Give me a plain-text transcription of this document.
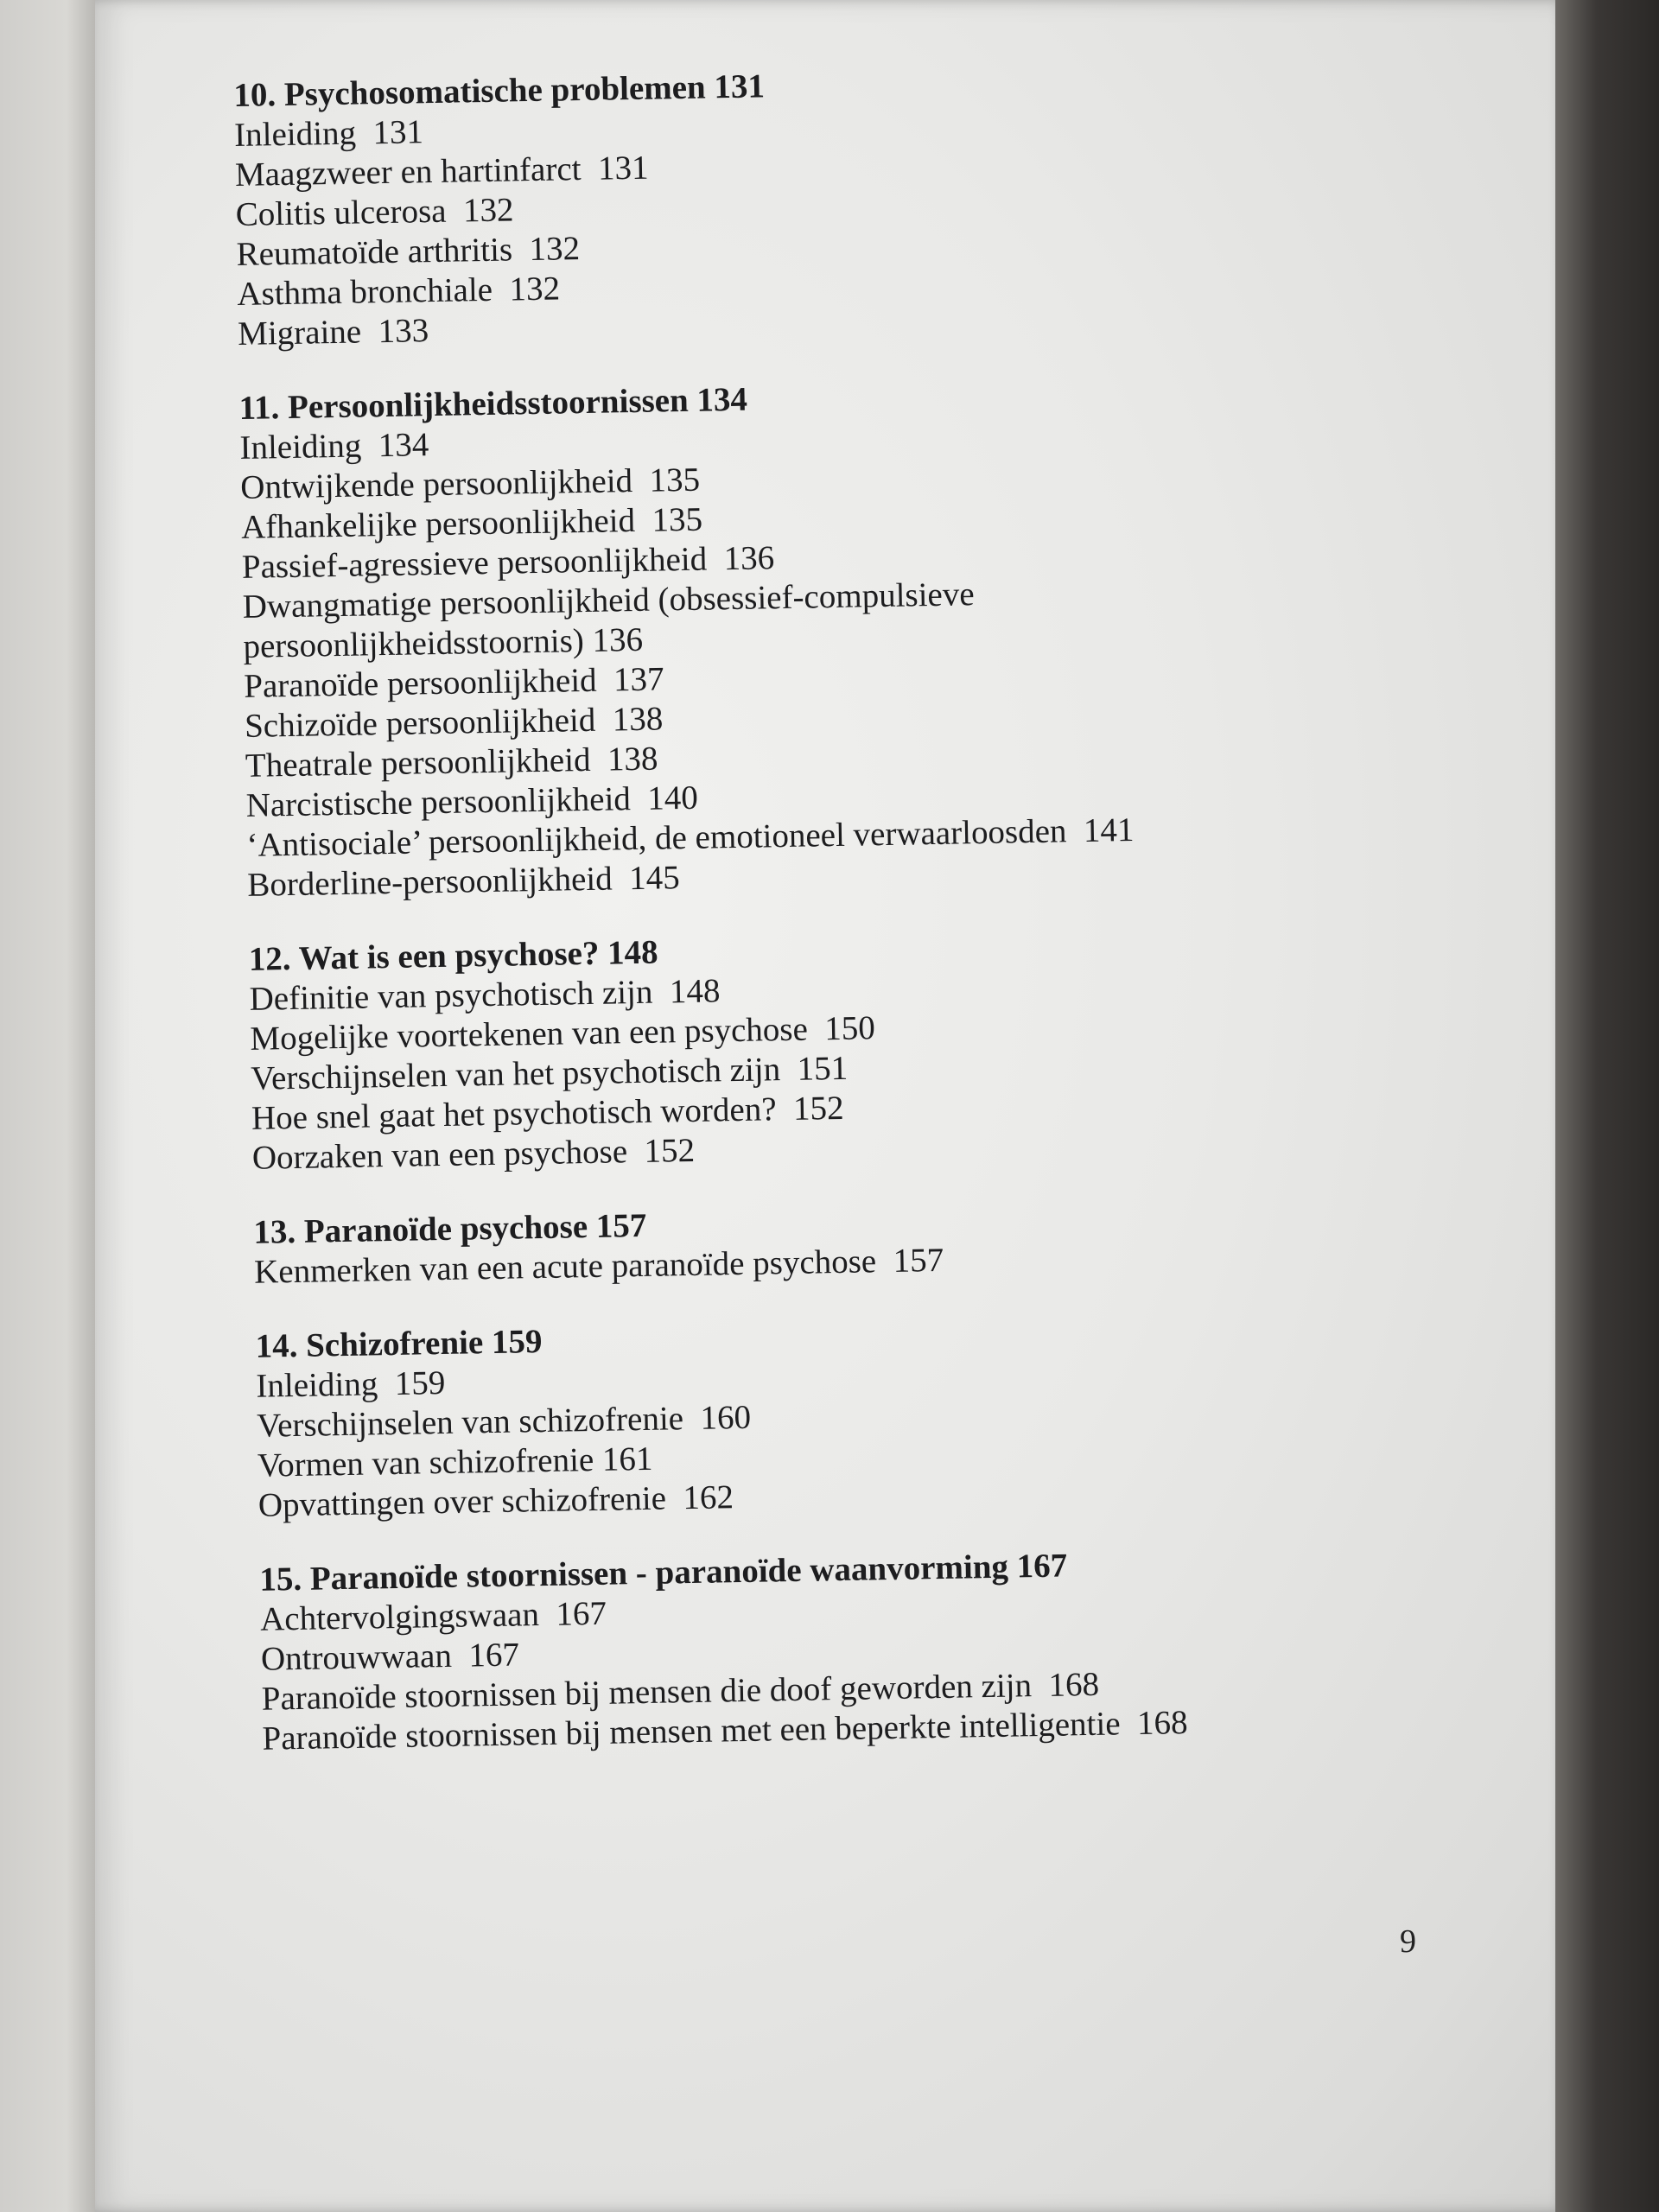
10. Psychosomatische problemen 131
Inleiding  131
Maagzweer en hartinfarct  131
Colitis ulcerosa  132
Reumatoïde arthritis  132
Asthma bronchiale  132
Migraine  133
11. Persoonlijkheidsstoornissen 134
Inleiding  134
Ontwijkende persoonlijkheid  135
Afhankelijke persoonlijkheid  135
Passief-agressieve persoonlijkheid  136
Dwangmatige persoonlijkheid (obsessief-compulsieve persoonlijkheidsstoornis) 136
Paranoïde persoonlijkheid  137
Schizoïde persoonlijkheid  138
Theatrale persoonlijkheid  138
Narcistische persoonlijkheid  140
‘Antisociale’ persoonlijkheid, de emotioneel verwaarloosden  141
Borderline-persoonlijkheid  145
12. Wat is een psychose? 148
Definitie van psychotisch zijn  148
Mogelijke voortekenen van een psychose  150
Verschijnselen van het psychotisch zijn  151
Hoe snel gaat het psychotisch worden?  152
Oorzaken van een psychose  152
13. Paranoïde psychose 157
Kenmerken van een acute paranoïde psychose  157
14. Schizofrenie 159
Inleiding  159
Verschijnselen van schizofrenie  160
Vormen van schizofrenie 161
Opvattingen over schizofrenie  162
15. Paranoïde stoornissen - paranoïde waanvorming 167
Achtervolgingswaan  167
Ontrouwwaan  167
Paranoïde stoornissen bij mensen die doof geworden zijn  168
Paranoïde stoornissen bij mensen met een beperkte intelligentie  168
9
